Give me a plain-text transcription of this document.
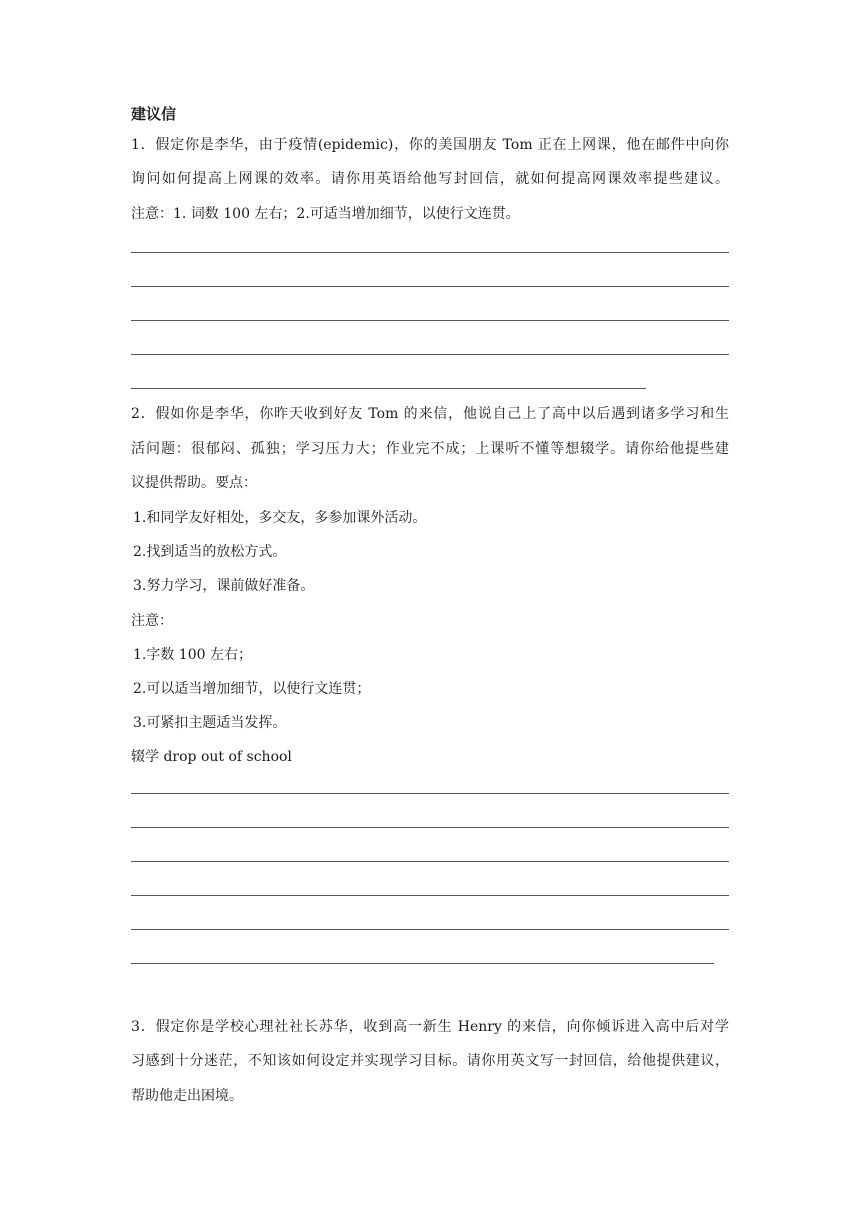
建议信
1．假定你是李华，由于疫情(epidemic)，你的美国朋友 Tom 正在上网课，他在邮件中向你
询问如何提高上网课的效率。请你用英语给他写封回信，就如何提高网课效率提些建议。
注意：1. 词数 100 左右；2.可适当增加细节，以使行文连贯。
2．假如你是李华，你昨天收到好友 Tom 的来信，他说自己上了高中以后遇到诸多学习和生
活问题：很郁闷、孤独；学习压力大；作业完不成；上课听不懂等想辍学。请你给他提些建
议提供帮助。要点：
1.和同学友好相处，多交友，多参加课外活动。
2.找到适当的放松方式。
3.努力学习，课前做好准备。
注意：
1.字数 100 左右；
2.可以适当增加细节，以使行文连贯；
3.可紧扣主题适当发挥。
辍学 drop out of school
3．假定你是学校心理社社长苏华，收到高一新生 Henry 的来信，向你倾诉进入高中后对学
习感到十分迷茫，不知该如何设定并实现学习目标。请你用英文写一封回信，给他提供建议，
帮助他走出困境。
